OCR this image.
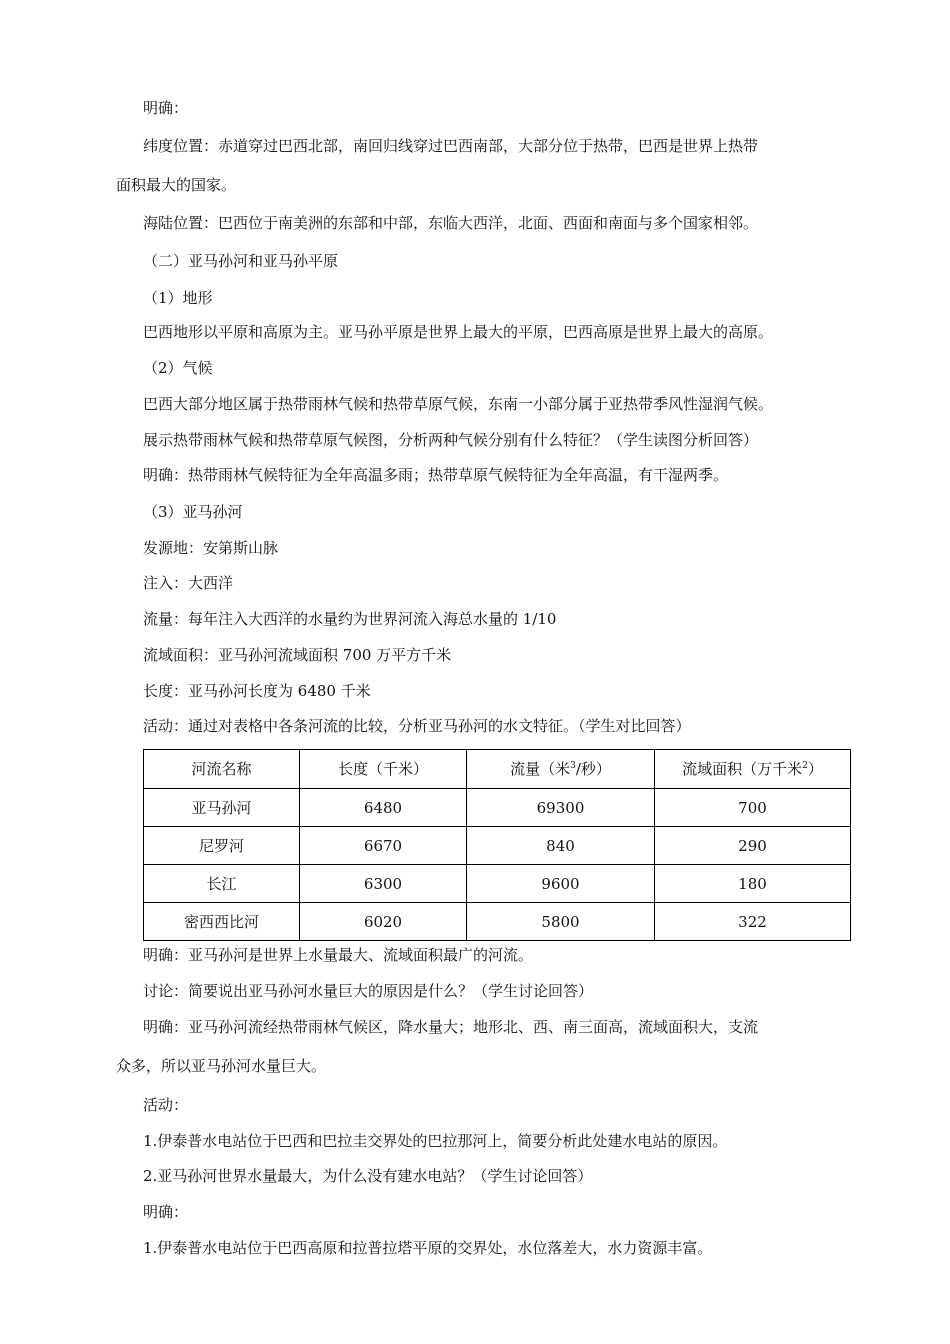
明确：
纬度位置：赤道穿过巴西北部，南回归线穿过巴西南部，大部分位于热带，巴西是世界上热带
面积最大的国家。
海陆位置：巴西位于南美洲的东部和中部，东临大西洋，北面、西面和南面与多个国家相邻。
（二）亚马孙河和亚马孙平原
（1）地形
巴西地形以平原和高原为主。亚马孙平原是世界上最大的平原，巴西高原是世界上最大的高原。
（2）气候
巴西大部分地区属于热带雨林气候和热带草原气候，东南一小部分属于亚热带季风性湿润气候。
展示热带雨林气候和热带草原气候图，分析两种气候分别有什么特征？（学生读图分析回答）
明确：热带雨林气候特征为全年高温多雨；热带草原气候特征为全年高温，有干湿两季。
（3）亚马孙河
发源地：安第斯山脉
注入：大西洋
流量：每年注入大西洋的水量约为世界河流入海总水量的 1/10
流域面积：亚马孙河流域面积 700 万平方千米
长度：亚马孙河长度为 6480 千米
活动：通过对表格中各条河流的比较，分析亚马孙河的水文特征。（学生对比回答）
河流名称	长度（千米）	流量（米$^3$/秒）	流域面积（万千米$^2$）
亚马孙河	6480	69300	700
尼罗河	6670	840	290
长江	6300	9600	180
密西西比河	6020	5800	322
明确：亚马孙河是世界上水量最大、流域面积最广的河流。
讨论：简要说出亚马孙河水量巨大的原因是什么？（学生讨论回答）
明确：亚马孙河流经热带雨林气候区，降水量大；地形北、西、南三面高，流域面积大，支流
众多，所以亚马孙河水量巨大。
活动：
1.伊泰普水电站位于巴西和巴拉圭交界处的巴拉那河上，简要分析此处建水电站的原因。
2.亚马孙河世界水量最大，为什么没有建水电站？（学生讨论回答）
明确：
1.伊泰普水电站位于巴西高原和拉普拉塔平原的交界处，水位落差大，水力资源丰富。
